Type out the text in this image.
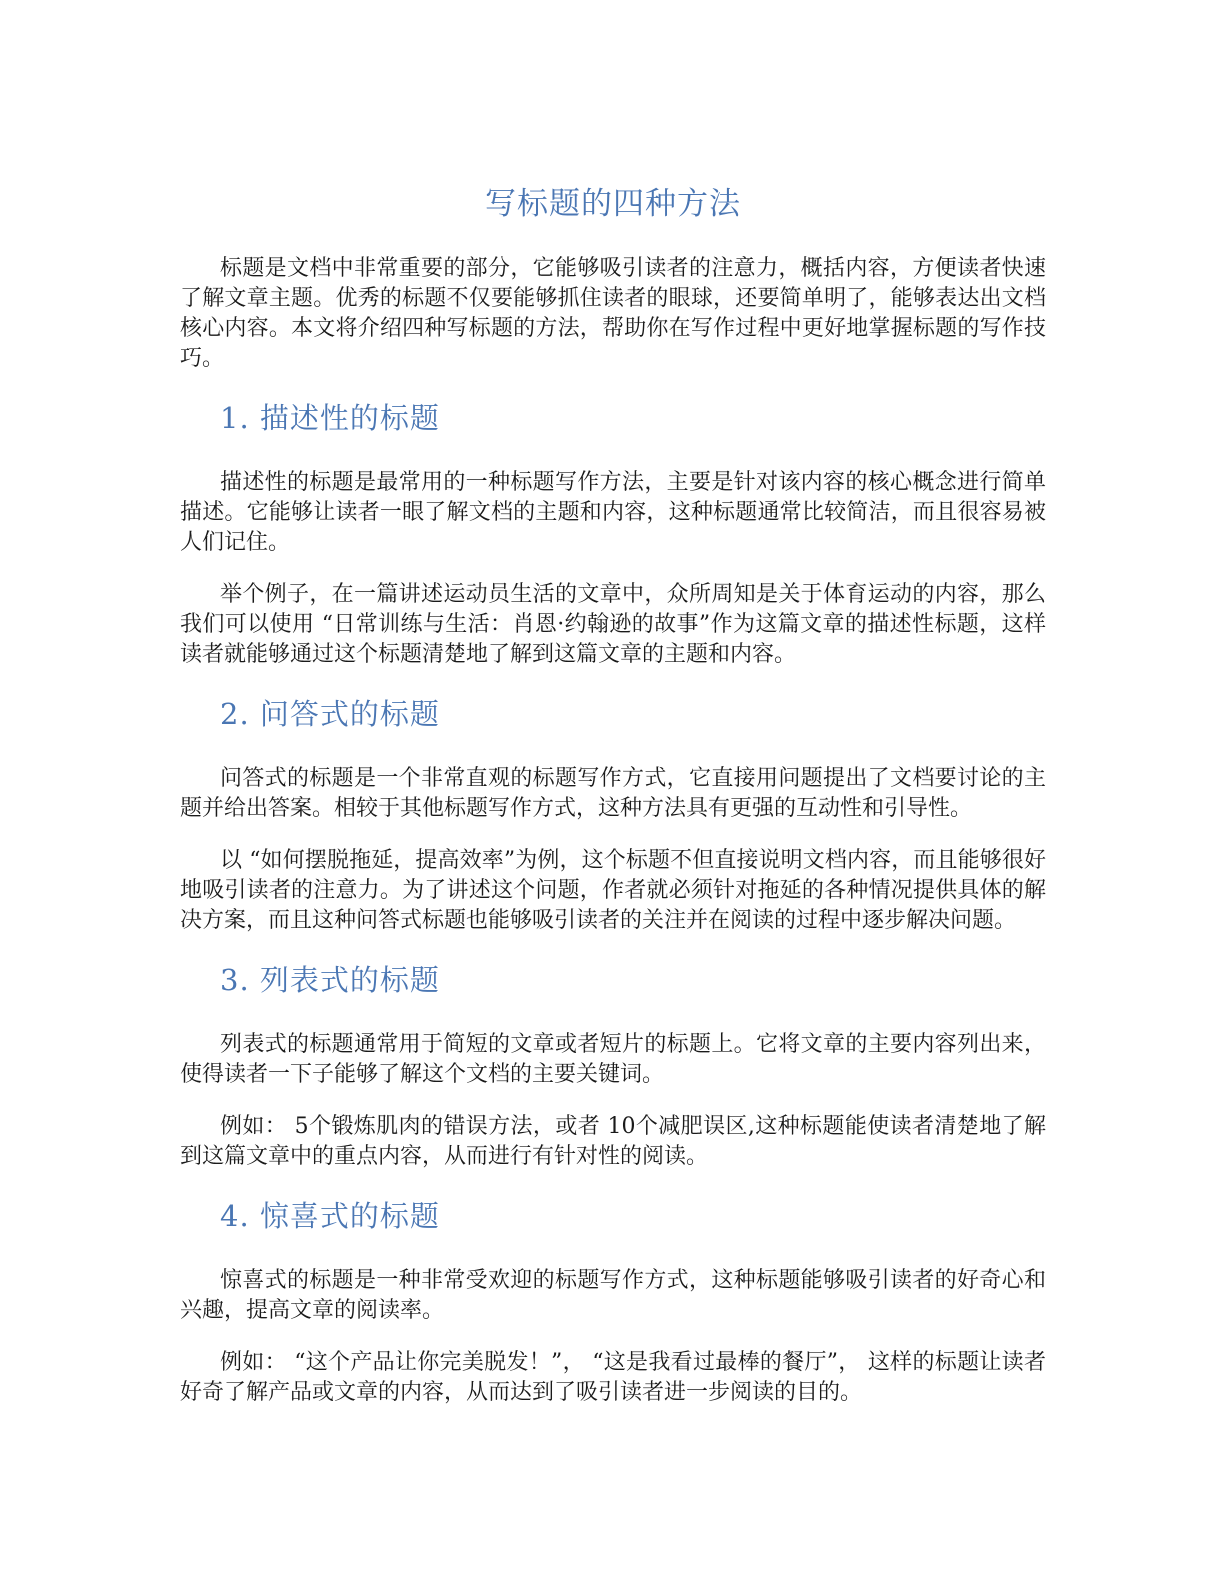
写标题的四种方法

标题是文档中非常重要的部分，它能够吸引读者的注意力，概括内容，方便读者快速了解文章主题。优秀的标题不仅要能够抓住读者的眼球，还要简单明了，能够表达出文档核心内容。本文将介绍四种写标题的方法，帮助你在写作过程中更好地掌握标题的写作技巧。

1. 描述性的标题

描述性的标题是最常用的一种标题写作方法，主要是针对该内容的核心概念进行简单描述。它能够让读者一眼了解文档的主题和内容，这种标题通常比较简洁，而且很容易被人们记住。

举个例子，在一篇讲述运动员生活的文章中，众所周知是关于体育运动的内容，那么我们可以使用 “日常训练与生活：肖恩·约翰逊的故事”作为这篇文章的描述性标题，这样读者就能够通过这个标题清楚地了解到这篇文章的主题和内容。

2. 问答式的标题

问答式的标题是一个非常直观的标题写作方式，它直接用问题提出了文档要讨论的主题并给出答案。相较于其他标题写作方式，这种方法具有更强的互动性和引导性。

以 “如何摆脱拖延，提高效率”为例，这个标题不但直接说明文档内容，而且能够很好地吸引读者的注意力。为了讲述这个问题，作者就必须针对拖延的各种情况提供具体的解决方案，而且这种问答式标题也能够吸引读者的关注并在阅读的过程中逐步解决问题。

3. 列表式的标题

列表式的标题通常用于简短的文章或者短片的标题上。它将文章的主要内容列出来，使得读者一下子能够了解这个文档的主要关键词。

例如： 5个锻炼肌肉的错误方法，或者 10个减肥误区,这种标题能使读者清楚地了解到这篇文章中的重点内容，从而进行有针对性的阅读。

4. 惊喜式的标题

惊喜式的标题是一种非常受欢迎的标题写作方式，这种标题能够吸引读者的好奇心和兴趣，提高文章的阅读率。

例如： “这个产品让你完美脱发！”， “这是我看过最棒的餐厅”， 这样的标题让读者好奇了解产品或文章的内容，从而达到了吸引读者进一步阅读的目的。
